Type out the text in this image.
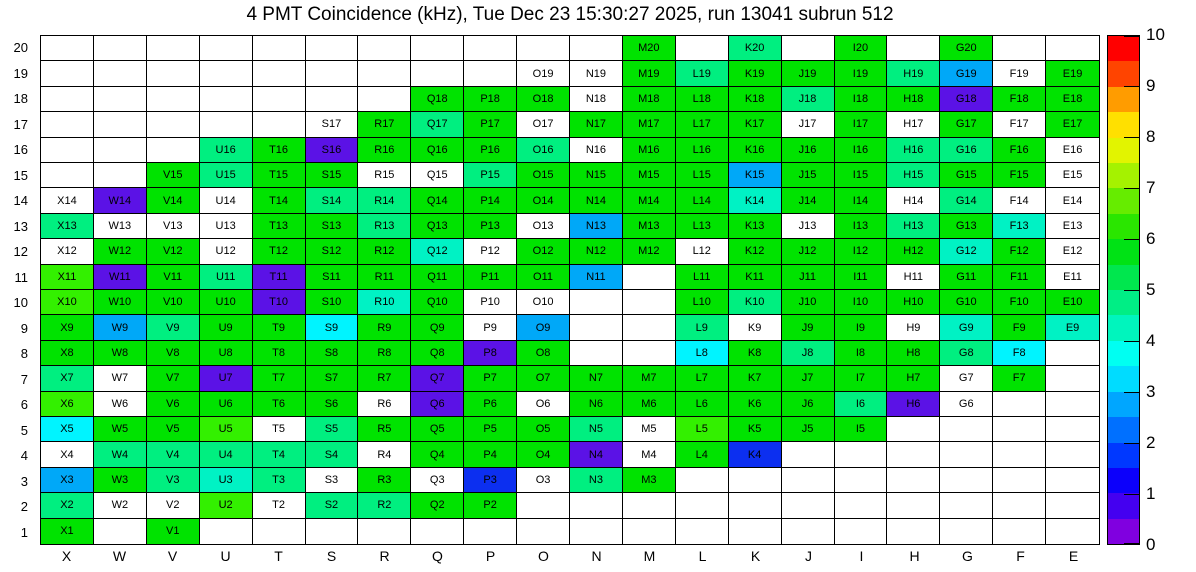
4 PMT Coincidence (kHz), Tue Dec 23 15:30:27 2025, run 13041 subrun 512
20
19
18
17
16
15
14
13
12
11
10
9
8
7
6
5
4
3
2
1
M20	K20	I20	G20
O19	N19	M19	L19	K19	J19	I19	H19	G19	F19	E19
Q18	P18	O18	N18	M18	L18	K18	J18	I18	H18	G18	F18	E18
S17	R17	Q17	P17	O17	N17	M17	L17	K17	J17	I17	H17	G17	F17	E17
U16	T16	S16	R16	Q16	P16	O16	N16	M16	L16	K16	J16	I16	H16	G16	F16	E16
V15	U15	T15	S15	R15	Q15	P15	O15	N15	M15	L15	K15	J15	I15	H15	G15	F15	E15
X14	W14	V14	U14	T14	S14	R14	Q14	P14	O14	N14	M14	L14	K14	J14	I14	H14	G14	F14	E14
X13	W13	V13	U13	T13	S13	R13	Q13	P13	O13	N13	M13	L13	K13	J13	I13	H13	G13	F13	E13
X12	W12	V12	U12	T12	S12	R12	Q12	P12	O12	N12	M12	L12	K12	J12	I12	H12	G12	F12	E12
X11	W11	V11	U11	T11	S11	R11	Q11	P11	O11	N11	L11	K11	J11	I11	H11	G11	F11	E11
X10	W10	V10	U10	T10	S10	R10	Q10	P10	O10	L10	K10	J10	I10	H10	G10	F10	E10
X9	W9	V9	U9	T9	S9	R9	Q9	P9	O9	L9	K9	J9	I9	H9	G9	F9	E9
X8	W8	V8	U8	T8	S8	R8	Q8	P8	O8	L8	K8	J8	I8	H8	G8	F8
X7	W7	V7	U7	T7	S7	R7	Q7	P7	O7	N7	M7	L7	K7	J7	I7	H7	G7	F7
X6	W6	V6	U6	T6	S6	R6	Q6	P6	O6	N6	M6	L6	K6	J6	I6	H6	G6
X5	W5	V5	U5	T5	S5	R5	Q5	P5	O5	N5	M5	L5	K5	J5	I5
X4	W4	V4	U4	T4	S4	R4	Q4	P4	O4	N4	M4	L4	K4
X3	W3	V3	U3	T3	S3	R3	Q3	P3	O3	N3	M3
X2	W2	V2	U2	T2	S2	R2	Q2	P2
X1	V1
X	W	V	U	T	S	R	Q	P	O	N	M	L	K	J	I	H	G	F	E
0
1
2
3
4
5
6
7
8
9
10
